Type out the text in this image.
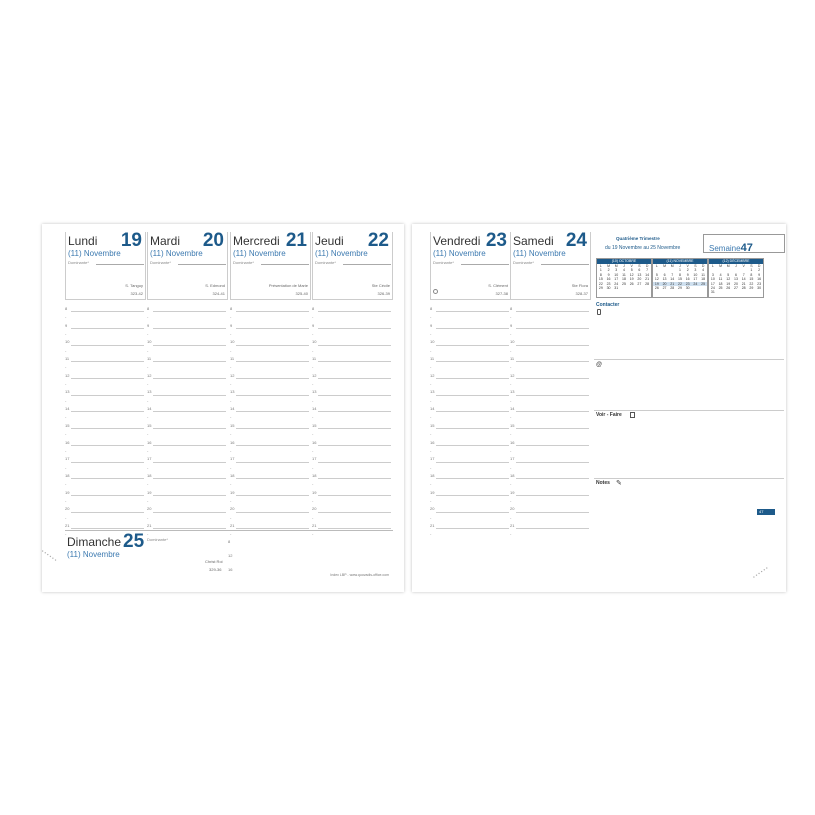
Lundi 19
(11) Novembre
Dominante*
S. Tanguy
323-42
8
-
9
-
10
-
11
-
12
-
13
-
14
-
15
-
16
-
17
-
18
-
19
-
20
-
21
-
Mardi 20
(11) Novembre
Dominante*
S. Edmond
324-41
8
-
9
-
10
-
11
-
12
-
13
-
14
-
15
-
16
-
17
-
18
-
19
-
20
-
21
-
Mercredi 21
(11) Novembre
Dominante*
Présentation de Marie
325-40
8
-
9
-
10
-
11
-
12
-
13
-
14
-
15
-
16
-
17
-
18
-
19
-
20
-
21
-
Jeudi 22
(11) Novembre
Dominante*
Ste Cécile
326-39
8
-
9
-
10
-
11
-
12
-
13
-
14
-
15
-
16
-
17
-
18
-
19
-
20
-
21
-
Vendredi 23
(11) Novembre
Dominante*
S. Clément
327-38
8
-
9
-
10
-
11
-
12
-
13
-
14
-
15
-
16
-
17
-
18
-
19
-
20
-
21
-
Samedi 24
(11) Novembre
Dominante*
Ste Flora
328-37
8
-
9
-
10
-
11
-
12
-
13
-
14
-
15
-
16
-
17
-
18
-
19
-
20
-
21
-
Dimanche 25
(11) Novembre
Dominante*
Christ Roi
329-36
8
12
16
Index LBP - www.quovadis-office.com
Quatrième Trimestre
du 19 Novembre au 25 Novembre	Semaine47
(10) OCTOBRE
L	M	M	J	V	S	D
1	2	3	4	5	6	7
8	9	10	11	12	13	14
15	16	17	18	19	20	21
22	23	24	25	26	27	28
29	30	31				
(11) NOVEMBRE
L	M	M	J	V	S	D
			1	2	3	4
5	6	7	8	9	10	11
12	13	14	15	16	17	18
19	20	21	22	23	24	25
26	27	28	29	30		
(12) DÉCEMBRE
L	M	M	J	V	S	D
					1	2
3	4	5	6	7	8	9
10	11	12	13	14	15	16
17	18	19	20	21	22	23
24	25	26	27	28	29	30
31						
Contacter
@
Voir - Faire
Notes ✎
47
• • • • • •
• • • • • •
